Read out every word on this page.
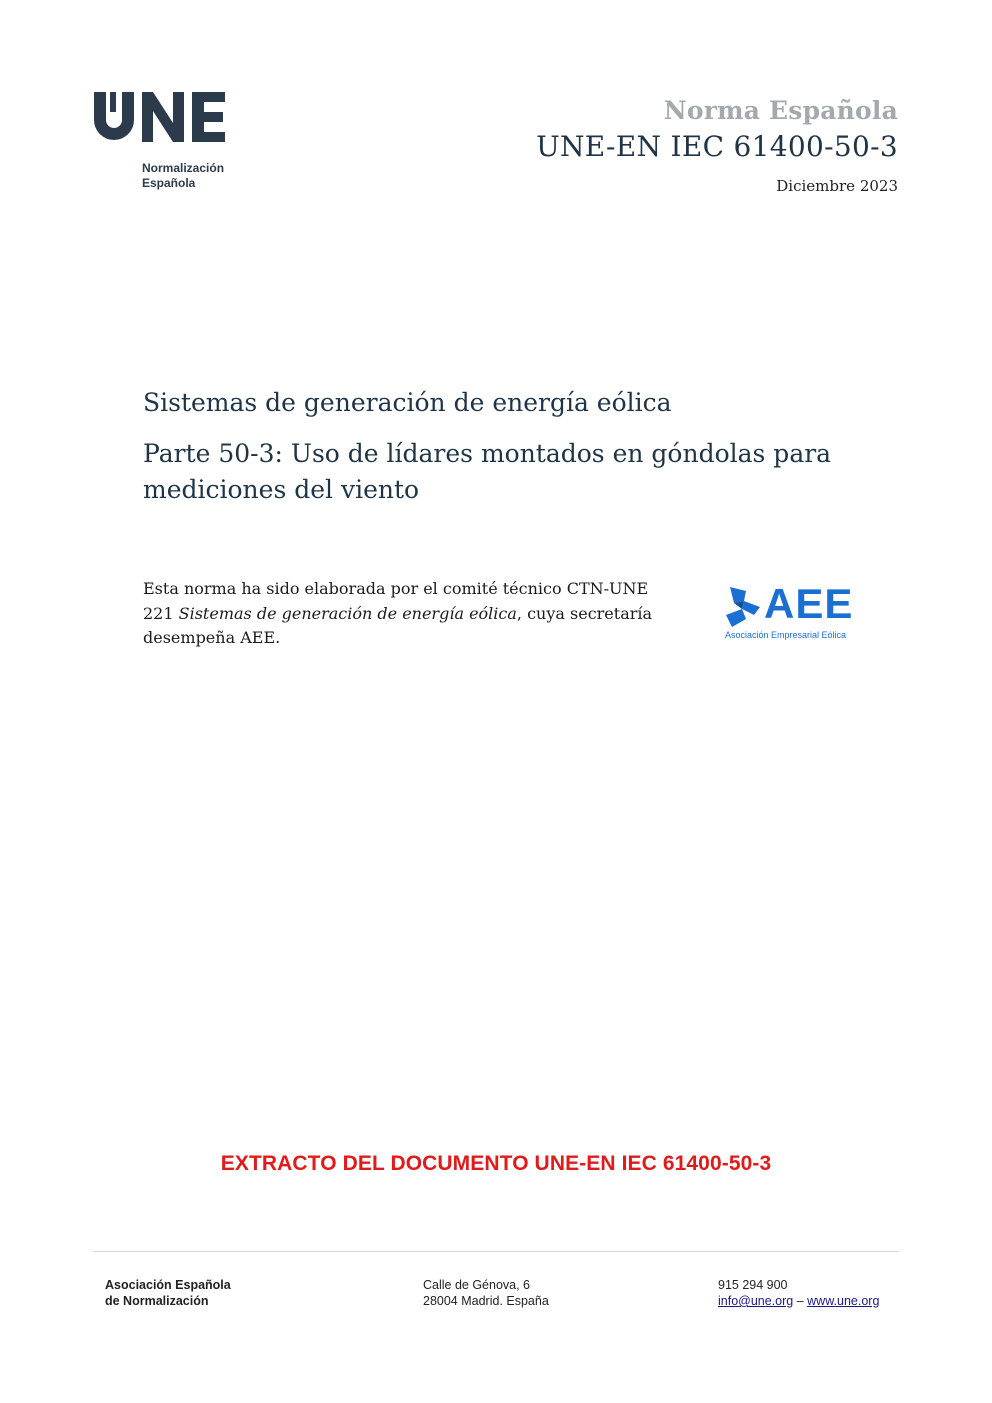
Normalización
Española
Norma Española
UNE-EN IEC 61400-50-3
Diciembre 2023
Sistemas de generación de energía eólica
Parte 50-3: Uso de lídares montados en góndolas para mediciones del viento
Esta norma ha sido elaborada por el comité técnico CTN-UNE 221 Sistemas de generación de energía eólica, cuya secretaría desempeña AEE.
AEE
Asociación Empresarial Eólica
EXTRACTO DEL DOCUMENTO UNE-EN IEC 61400-50-3
Asociación Española
de Normalización
Calle de Génova, 6
28004 Madrid. España
915 294 900
info@une.org – www.une.org
